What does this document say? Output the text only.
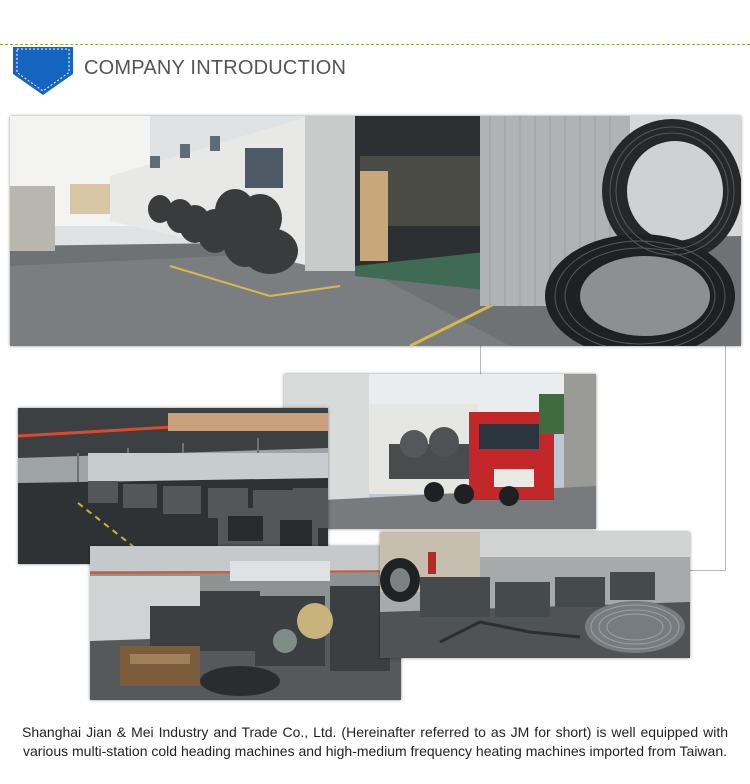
COMPANY INTRODUCTION
Shanghai Jian & Mei Industry and Trade Co., Ltd. (Hereinafter referred to as JM for short) is well equipped with various multi-station cold heading machines and high-medium frequency heating machines imported from Taiwan.
